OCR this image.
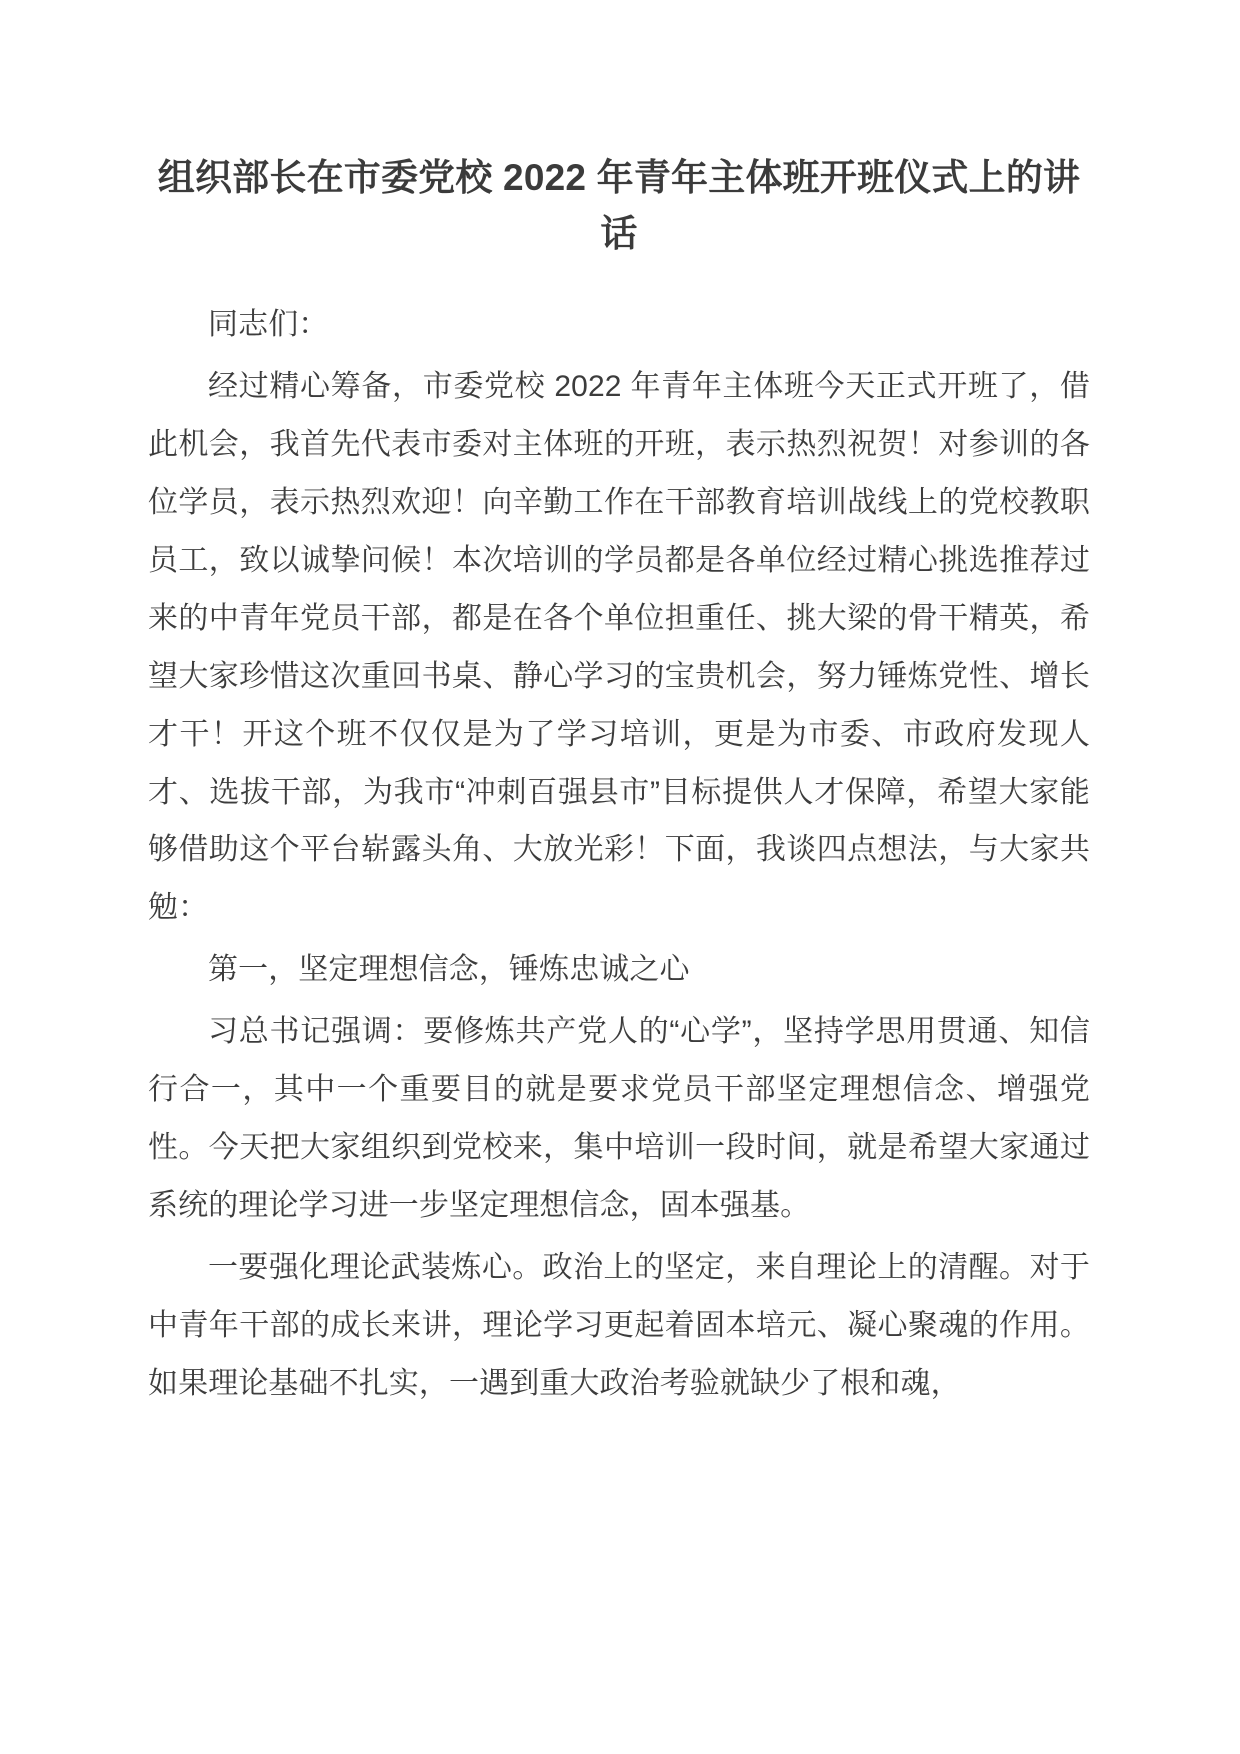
组织部长在市委党校 2022 年青年主体班开班仪式上的讲话

同志们：

经过精心筹备，市委党校 2022 年青年主体班今天正式开班了，借此机会，我首先代表市委对主体班的开班，表示热烈祝贺！对参训的各位学员，表示热烈欢迎！向辛勤工作在干部教育培训战线上的党校教职员工，致以诚挚问候！本次培训的学员都是各单位经过精心挑选推荐过来的中青年党员干部，都是在各个单位担重任、挑大梁的骨干精英，希望大家珍惜这次重回书桌、静心学习的宝贵机会，努力锤炼党性、增长才干！开这个班不仅仅是为了学习培训，更是为市委、市政府发现人才、选拔干部，为我市“冲刺百强县市”目标提供人才保障，希望大家能够借助这个平台崭露头角、大放光彩！下面，我谈四点想法，与大家共勉：

第一，坚定理想信念，锤炼忠诚之心

习总书记强调：要修炼共产党人的“心学”，坚持学思用贯通、知信行合一，其中一个重要目的就是要求党员干部坚定理想信念、增强党性。今天把大家组织到党校来，集中培训一段时间，就是希望大家通过系统的理论学习进一步坚定理想信念，固本强基。

一要强化理论武装炼心。政治上的坚定，来自理论上的清醒。对于中青年干部的成长来讲，理论学习更起着固本培元、凝心聚魂的作用。如果理论基础不扎实，一遇到重大政治考验就缺少了根和魂，
